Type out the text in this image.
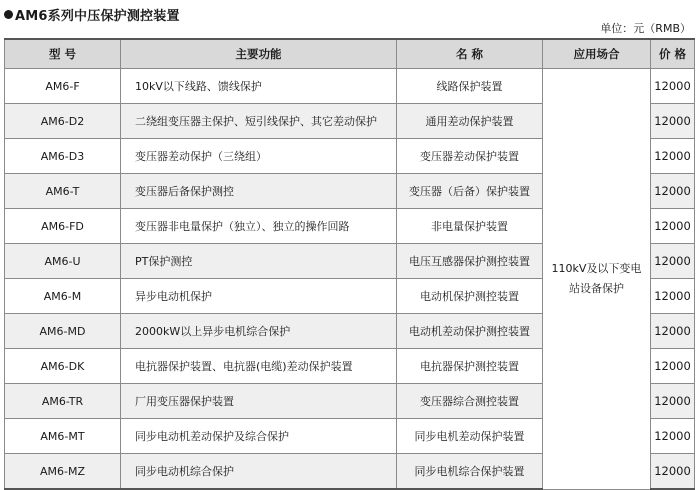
AM6系列中压保护测控装置
单位：元（RMB）
型 号	主要功能	名 称	应用场合	价 格
AM6-F	10kV以下线路、馈线保护	线路保护装置	110kV及以下变电站设备保护	12000
AM6-D2	二绕组变压器主保护、短引线保护、其它差动保护	通用差动保护装置		12000
AM6-D3	变压器差动保护（三绕组）	变压器差动保护装置		12000
AM6-T	变压器后备保护测控	变压器（后备）保护装置		12000
AM6-FD	变压器非电量保护（独立）、独立的操作回路	非电量保护装置		12000
AM6-U	PT保护测控	电压互感器保护测控装置		12000
AM6-M	异步电动机保护	电动机保护测控装置		12000
AM6-MD	2000kW以上异步电机综合保护	电动机差动保护测控装置		12000
AM6-DK	电抗器保护装置、电抗器(电缆)差动保护装置	电抗器保护测控装置		12000
AM6-TR	厂用变压器保护装置	变压器综合测控装置		12000
AM6-MT	同步电动机差动保护及综合保护	同步电机差动保护装置		12000
AM6-MZ	同步电动机综合保护	同步电机综合保护装置		12000
